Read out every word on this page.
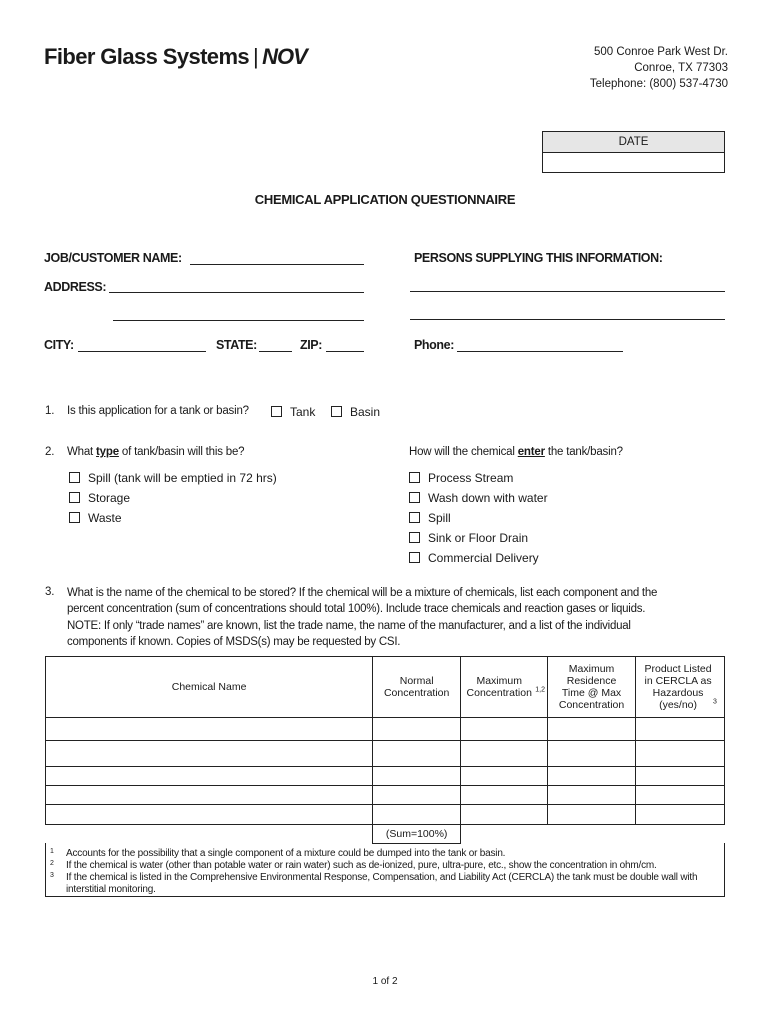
Fiber Glass Systems | NOV	500 Conroe Park West Dr.
Conroe, TX 77303
Telephone: (800) 537-4730
DATE
CHEMICAL APPLICATION QUESTIONNAIRE
JOB/CUSTOMER NAME:
ADDRESS:
CITY:	STATE:	ZIP:
PERSONS SUPPLYING THIS INFORMATION:
Phone:
1. Is this application for a tank or basin?	Tank	Basin
2. What type of tank/basin will this be?
Spill (tank will be emptied in 72 hrs)
Storage
Waste
How will the chemical enter the tank/basin?
Process Stream
Wash down with water
Spill
Sink or Floor Drain
Commercial Delivery
3. What is the name of the chemical to be stored? If the chemical will be a mixture of chemicals, list each component and the
percent concentration (sum of concentrations should total 100%). Include trace chemicals and reaction gases or liquids.
NOTE: If only “trade names” are known, list the trade name, the name of the manufacturer, and a list of the individual
components if known. Copies of MSDS(s) may be requested by CSI.
Chemical Name	Normal Concentration	Maximum Concentration $^{1,2}$	Maximum Residence Time @ Max Concentration	Product Listed in CERCLA as Hazardous (yes/no) $^3$

	(Sum=100%)			
1 Accounts for the possibility that a single component of a mixture could be dumped into the tank or basin.
2 If the chemical is water (other than potable water or rain water) such as de-ionized, pure, ultra-pure, etc., show the concentration in ohm/cm.
3 If the chemical is listed in the Comprehensive Environmental Response, Compensation, and Liability Act (CERCLA) the tank must be double wall with interstitial monitoring.
1 of 2
